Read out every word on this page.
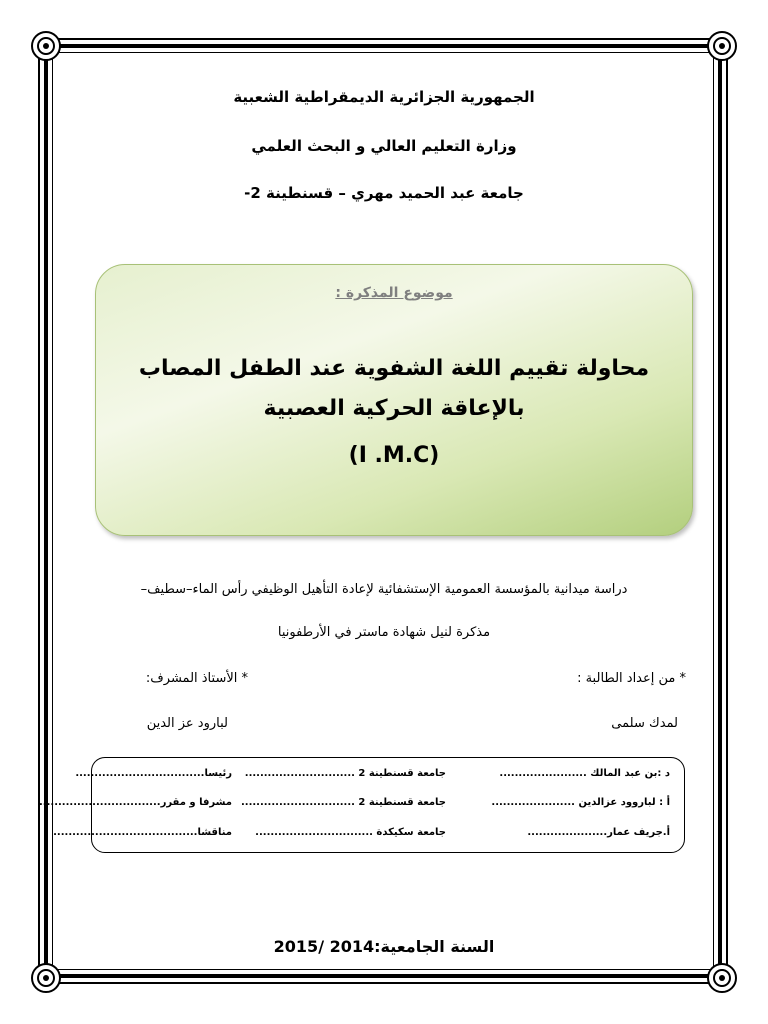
الجمهورية الجزائرية الديمقراطية الشعبية
وزارة التعليم العالي و البحث العلمي
جامعة عبد الحميد مهري – قسنطينة 2-
موضوع المذكرة :
محاولة تقييم اللغة الشفوية عند الطفل المصاب بالإعاقة الحركية العصبية
(I .M.C)
دراسة ميدانية بالمؤسسة العمومية الإستشفائية لإعادة التأهيل الوظيفي رأس الماء–سطيف–
مذكرة لنيل شهادة ماستر في الأرطفونيا
* من إعداد الطالبة :
* الأستاذ المشرف:
لمدك سلمى
لبارود عز الدين
د :بن عبد المالك .......................
جامعة قسنطينة 2 .............................
رئيسا..................................
أ : لباروود عزالدين ......................
جامعة قسنطينة 2 ..............................
مشرفا و مقرر................................
أ.جريف عمار.....................
جامعة سكيكدة ...............................
مناقشا......................................
السنة الجامعية:2014 /2015
